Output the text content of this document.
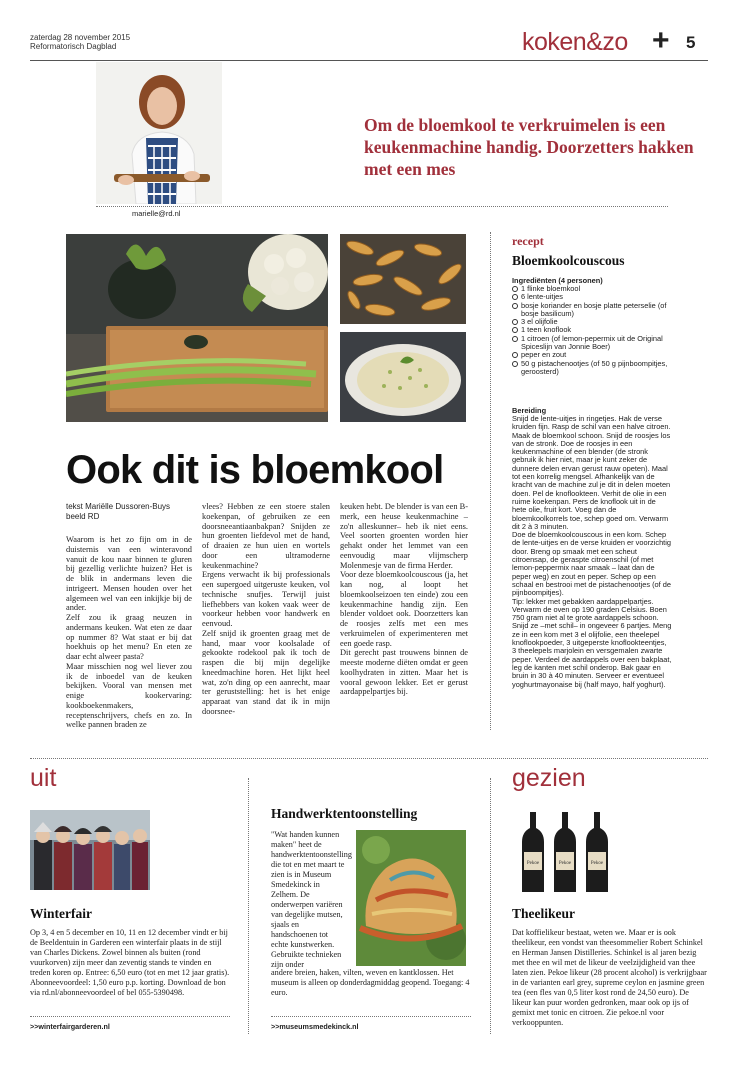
zaterdag 28 november 2015
Reformatorisch Dagblad	koken&zo + 5
Om de bloemkool te verkruimelen is een keukenmachine handig. Doorzetters hakken met een mes
marielle@rd.nl
Ook dit is bloemkool
tekst Mariëlle Dussoren-Buys
beeld RD
Waarom is het zo fijn om in de duisternis van een winteravond vanuit de kou naar binnen te gluren bij gezellig verlichte huizen? Het is de blik in andermans leven die intrigeert. Mensen houden over het algemeen wel van een inkijkje bij de ander.
Zelf zou ik graag neuzen in andermans keuken. Wat eten ze daar op nummer 8? Wat staat er bij dat hoekhuis op het menu? En eten ze daar echt alweer pasta?
Maar misschien nog wel liever zou ik de inboedel van de keuken bekijken. Vooral van mensen met enige kookervaring: kookboekenmakers, receptenschrijvers, chefs en zo. In welke pannen braden ze
vlees? Hebben ze een stoere stalen koekenpan, of gebruiken ze een doorsneeantiaanbakpan? Snijden ze hun groenten liefdevol met de hand, of draaien ze hun uien en wortels door een ultramoderne keukenmachine?
Ergens verwacht ik bij professionals een supergoed uitgeruste keuken, vol technische snufjes. Terwijl juist liefhebbers van koken vaak weer de voorkeur hebben voor handwerk en eenvoud.
Zelf snijd ik groenten graag met de hand, maar voor koolsalade of gekookte rodekool pak ik toch de raspen die bij mijn degelijke kneedmachine horen. Het lijkt heel wat, zo'n ding op een aanrecht, maar ter geruststelling: het is het enige apparaat van stand dat ik in mijn doorsnee-
keuken hebt. De blender is van een B-merk, een heuse keukenmachine –zo'n alleskunner– heb ik niet eens. Veel soorten groenten worden hier gehakt onder het lemmet van een eenvoudig maar vlijmscherp Molenmesje van de firma Herder.
Voor deze bloemkoolcouscous (ja, het kan nog, al loopt het bloemkoolseizoen ten einde) zou een keukenmachine handig zijn. Een blender voldoet ook. Doorzetters kan de roosjes zelfs met een mes verkruimelen of experimenteren met een goede rasp.
Dit gerecht past trouwens binnen de meeste moderne diëten omdat er geen koolhydraten in zitten. Maar het is vooral gewoon lekker. Eet er gerust aardappelpartjes bij.
recept
Bloemkoolcouscous
Ingrediënten (4 personen)
1 flinke bloemkool
6 lente-uitjes
bosje koriander en bosje platte peterselie (of bosje basilicum)
3 el olijfolie
1 teen knoflook
1 citroen (of lemon-pepermix uit de Original Spiceslijn van Jonnie Boer)
peper en zout
50 g pistachenootjes (of 50 g pijnboompitjes, geroosterd)
Bereiding
Snijd de lente-uitjes in ringetjes. Hak de verse kruiden fijn. Rasp de schil van een halve citroen. Maak de bloemkool schoon. Snijd de roosjes los van de stronk. Doe de roosjes in een keukenmachine of een blender (de stronk gebruik ik hier niet, maar je kunt zeker de dunnere delen ervan gerust rauw opeten). Maal tot een korrelig mengsel. Afhankelijk van de kracht van de machine zul je dit in delen moeten doen. Pel de knoflookteen. Verhit de olie in een ruime koekenpan. Pers de knoflook uit in de hete olie, fruit kort. Voeg dan de bloemkoolkorrels toe, schep goed om. Verwarm dit 2 à 3 minuten.
Doe de bloemkoolcouscous in een kom. Schep de lente-uitjes en de verse kruiden er voorzichtig door. Breng op smaak met een scheut citroensap, de geraspte citroenschil (of met lemon-peppermix naar smaak – laat dan de peper weg) en zout en peper. Schep op een schaal en bestrooi met de pistachenootjes (of de pijnboompitjes).
Tip: lekker met gebakken aardappelpartjes. Verwarm de oven op 190 graden Celsius. Boen 750 gram niet al te grote aardappels schoon. Snijd ze –met schil– in ongeveer 6 partjes. Meng ze in een kom met 3 el olijfolie, een theelepel knoflookpoeder, 3 uitgeperste knoflookteentjes, 3 theelepels marjolein en versgemalen zwarte peper. Verdeel de aardappels over een bakplaat, leg de kanten met schil onderop. Bak gaar en bruin in 30 à 40 minuten. Serveer er eventueel yoghurtmayonaise bij (half mayo, half yoghurt).
uit
Winterfair
Op 3, 4 en 5 december en 10, 11 en 12 december vindt er bij de Beeldentuin in Garderen een winterfair plaats in de stijl van Charles Dickens. Zowel binnen als buiten (rond vuurkorven) zijn meer dan zeventig stands te vinden en treden koren op. Entree: 6,50 euro (tot en met 12 jaar gratis). Abonneevoordeel: 1,50 euro p.p. korting. Download de bon via rd.nl/abonneevoordeel of bel 055-5390498.
>>winterfairgarderen.nl
Handwerktentoonstelling
"Wat handen kunnen maken" heet de handwerktentoonstelling die tot en met maart te zien is in Museum Smedekinck in Zelhem. De onderwerpen variëren van degelijke mutsen, sjaals en handschoenen tot echte kunstwerken. Gebruikte technieken zijn onder
andere breien, haken, vilten, weven en kantklossen. Het museum is alleen op donderdagmiddag geopend. Toegang: 4 euro.
>>museumsmedekinck.nl
gezien
Pekoe	Pekoe	Pekoe
Theelikeur
Dat koffielikeur bestaat, weten we. Maar er is ook theelikeur, een vondst van theesommelier Robert Schinkel en Herman Jansen Distilleries. Schinkel is al jaren bezig met thee en wil met de likeur de veelzijdigheid van thee laten zien. Pekoe likeur (28 procent alcohol) is verkrijgbaar in de varianten earl grey, supreme ceylon en jasmine green tea (een fles van 0,5 liter kost rond de 24,50 euro). De likeur kan puur worden gedronken, maar ook op ijs of gemixt met tonic en citroen. Zie pekoe.nl voor verkooppunten.
